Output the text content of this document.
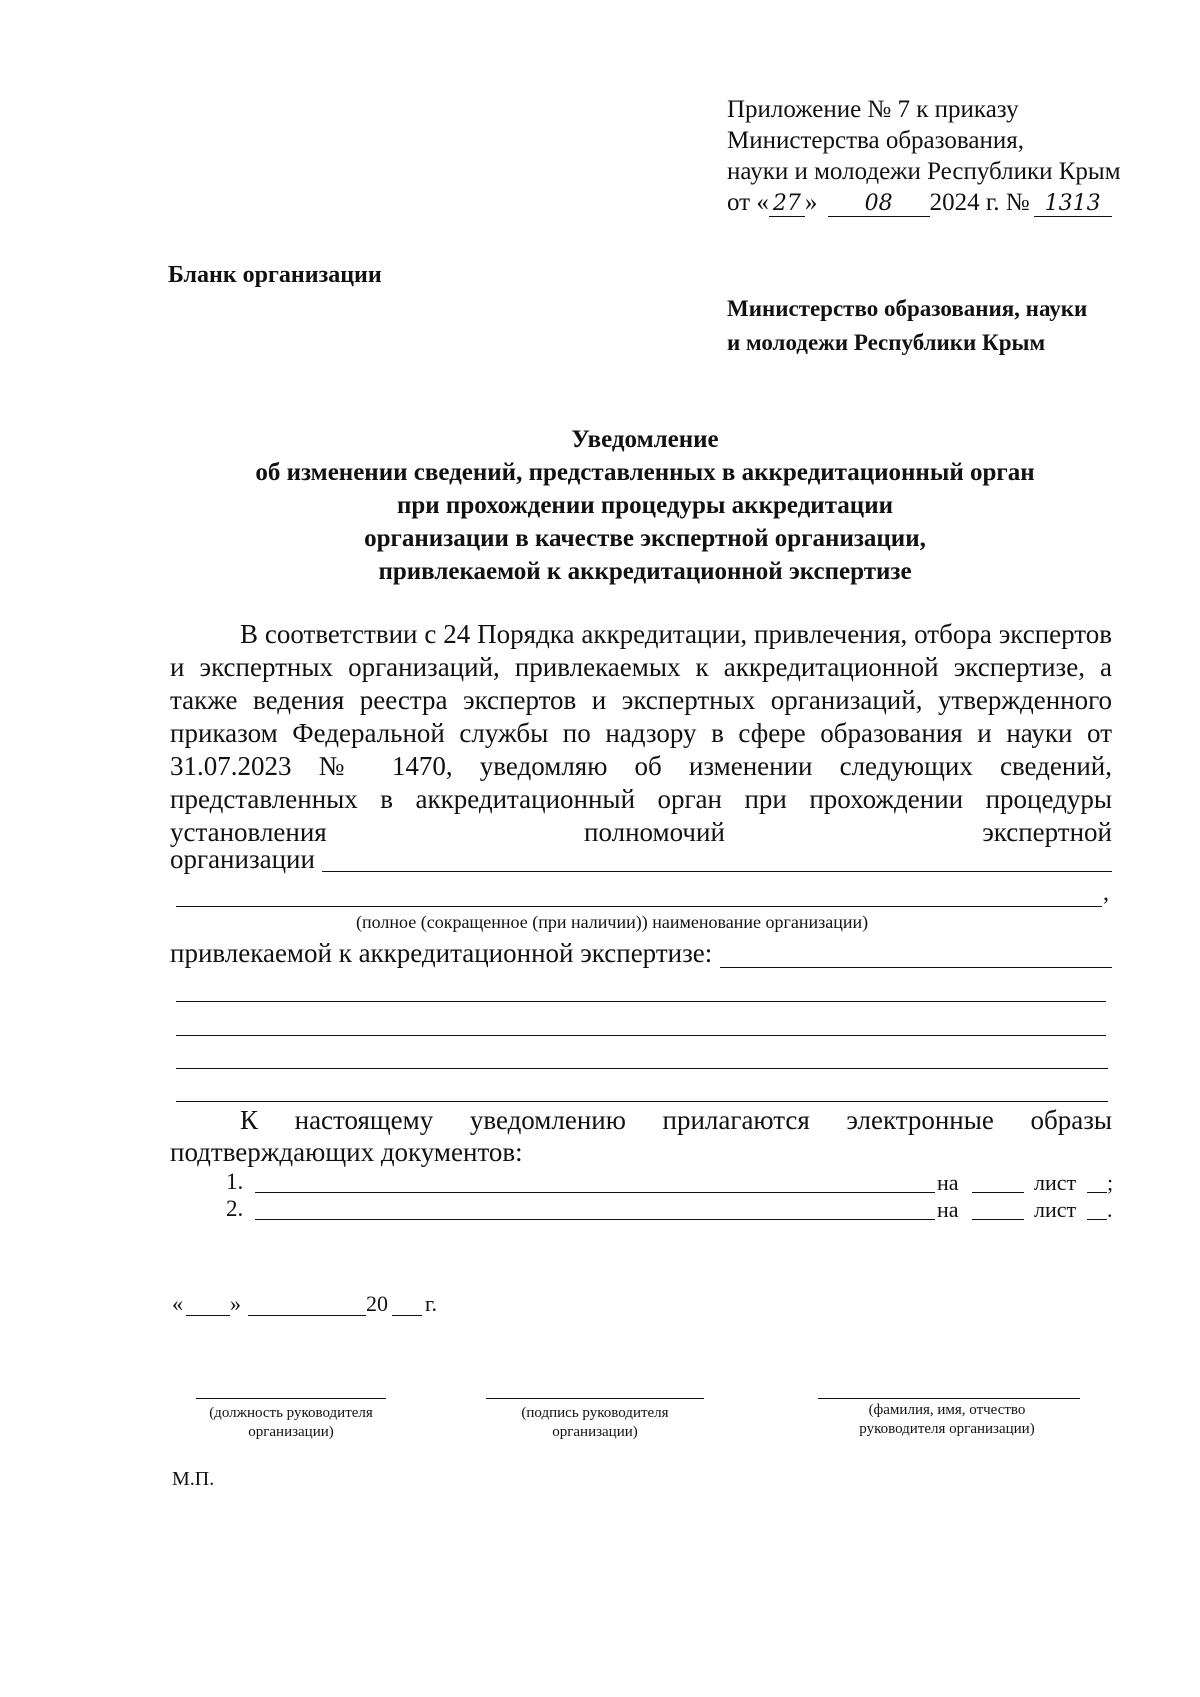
Приложение № 7 к приказу
Министерства образования,
науки и молодежи Республики Крым
от « 27 » 08 2024 г. № 1313
Бланк организации
Министерство образования, науки
и молодежи Республики Крым
Уведомление
об изменении сведений, представленных в аккредитационный орган
при прохождении процедуры аккредитации
организации в качестве экспертной организации,
привлекаемой к аккредитационной экспертизе

В соответствии с 24 Порядка аккредитации, привлечения, отбора экспертов и экспертных организаций, привлекаемых к аккредитационной экспертизе, а также ведения реестра экспертов и экспертных организаций, утвержденного приказом Федеральной службы по надзору в сфере образования и науки от 31.07.2023 № 1470, уведомляю об изменении следующих сведений, представленных в аккредитационный орган при прохождении процедуры установления полномочий экспертной

организации
,
(полное (сокращенное (при наличии)) наименование организации)
привлекаемой к аккредитационной экспертизе:

К настоящему уведомлению прилагаются электронные образы

подтверждающих документов:
1.	на	лист ;
2.	на	лист .
« »	20 г.
(должность руководителя
организации)
(подпись руководителя
организации)
(фамилия, имя, отчество
руководителя организации)
М.П.
